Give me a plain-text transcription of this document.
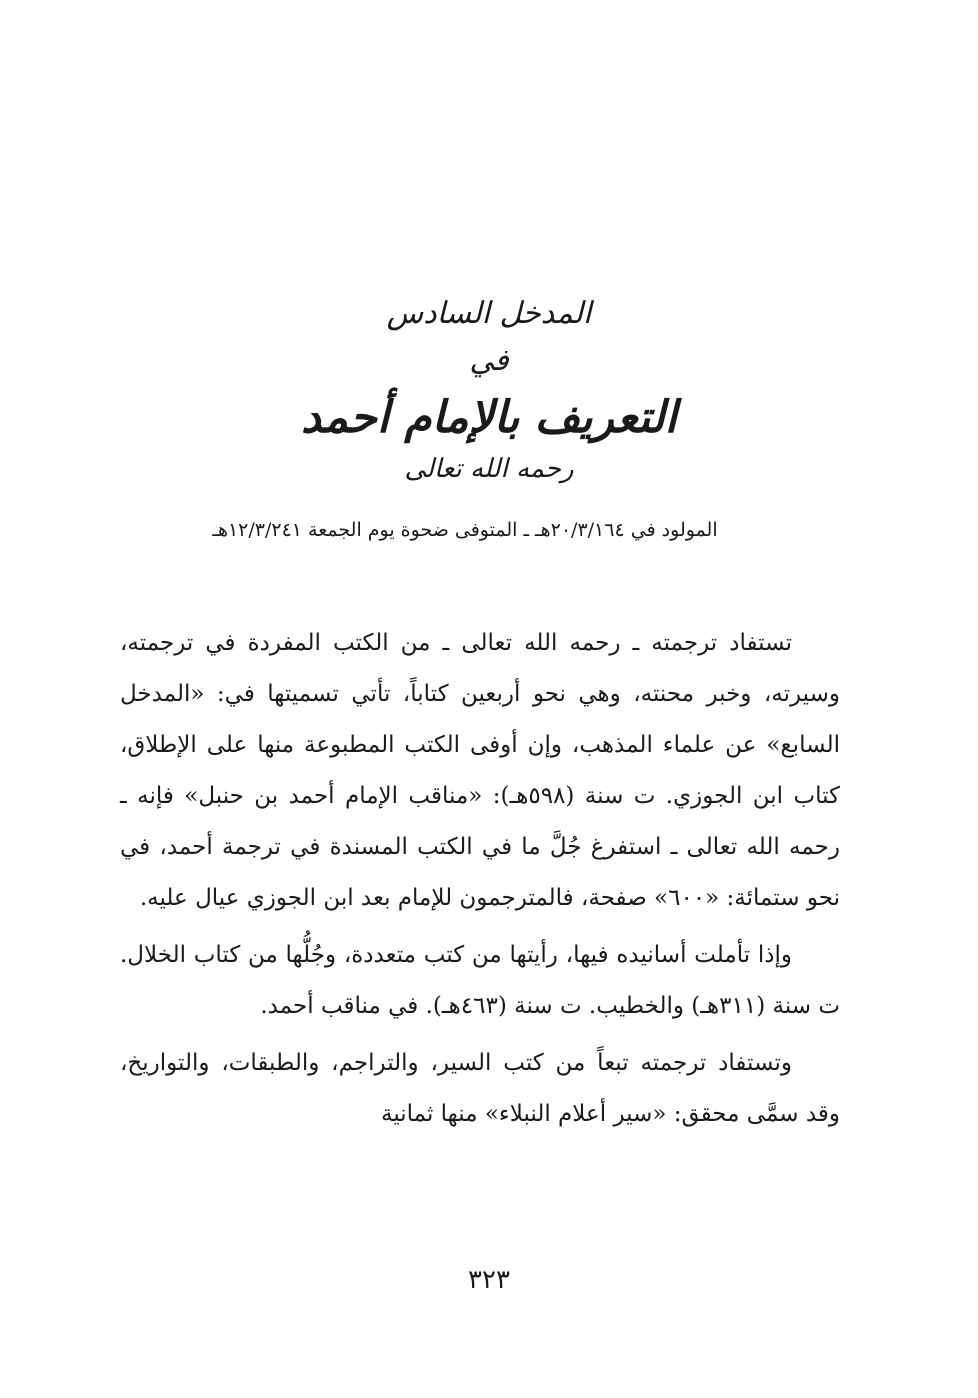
المدخل السادس
في
التعريف بالإمام أحمد
رحمه الله تعالى
المولود في ٢٠/٣/١٦٤هـ ـ المتوفى ضحوة يوم الجمعة ١٢/٣/٢٤١هـ

تستفاد ترجمته ـ رحمه الله تعالى ـ من الكتب المفردة في ترجمته، وسيرته، وخبر محنته، وهي نحو أربعين كتاباً، تأتي تسميتها في: «المدخل السابع» عن علماء المذهب، وإن أوفى الكتب المطبوعة منها على الإطلاق، كتاب ابن الجوزي. ت سنة (٥٩٨هـ): «مناقب الإمام أحمد بن حنبل» فإنه ـ رحمه الله تعالى ـ استفرغ جُلَّ ما في الكتب المسندة في ترجمة أحمد، في نحو ستمائة: «٦٠٠» صفحة، فالمترجمون للإمام بعد ابن الجوزي عيال عليه.

وإذا تأملت أسانيده فيها، رأيتها من كتب متعددة، وجُلُّها من كتاب الخلال. ت سنة (٣١١هـ) والخطيب. ت سنة (٤٦٣هـ). في مناقب أحمد.

وتستفاد ترجمته تبعاً من كتب السير، والتراجم، والطبقات، والتواريخ، وقد سمَّى محقق: «سير أعلام النبلاء» منها ثمانية

٣٢٣
